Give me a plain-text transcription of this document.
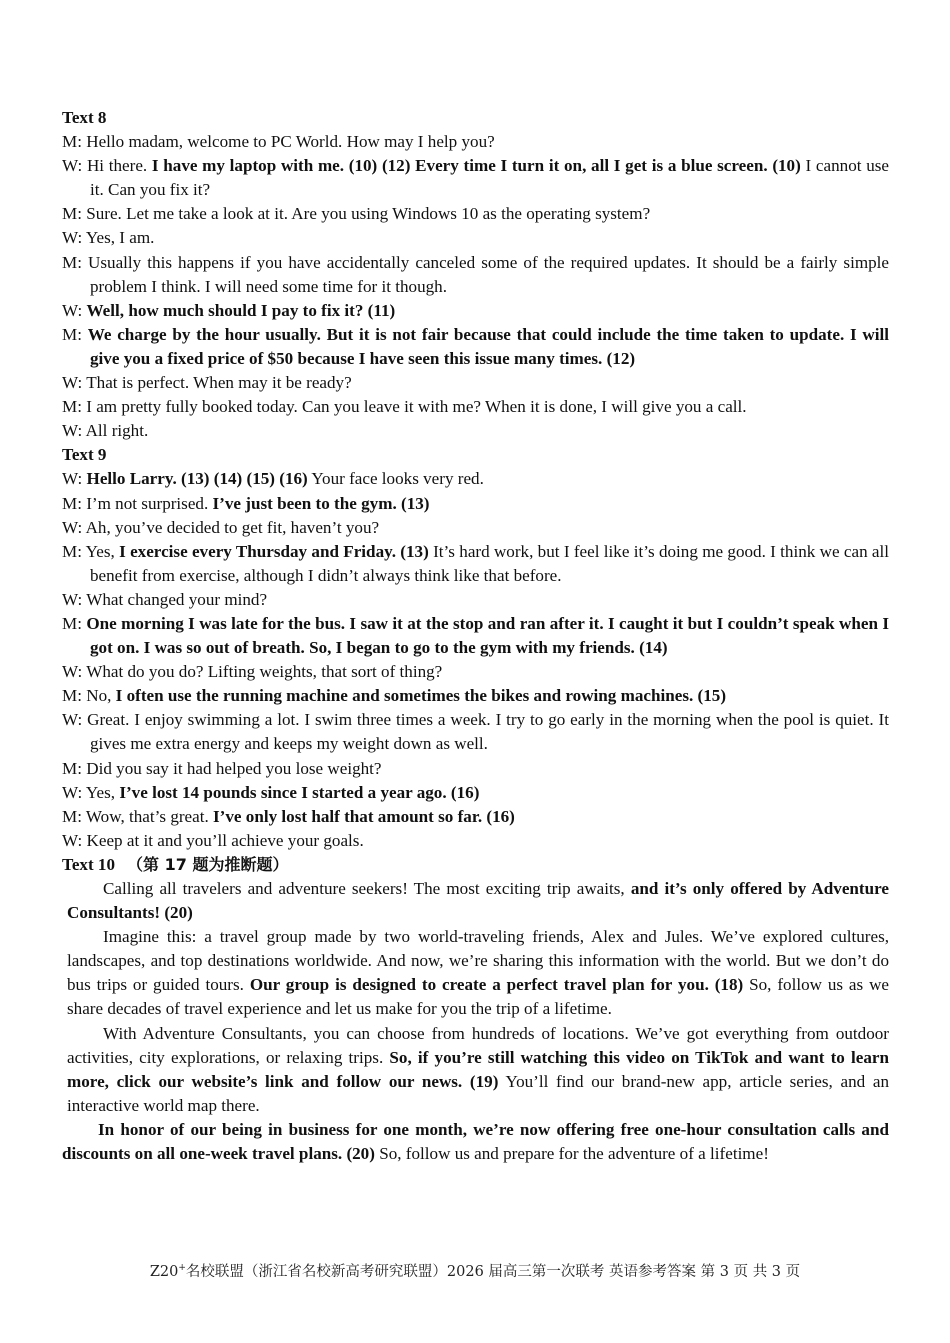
Text 8
M: Hello madam, welcome to PC World. How may I help you?
W: Hi there. I have my laptop with me. (10) (12) Every time I turn it on, all I get is a blue screen. (10) I cannot use it. Can you fix it?
M: Sure. Let me take a look at it. Are you using Windows 10 as the operating system?
W: Yes, I am.
M: Usually this happens if you have accidentally canceled some of the required updates. It should be a fairly simple problem I think. I will need some time for it though.
W: Well, how much should I pay to fix it? (11)
M: We charge by the hour usually. But it is not fair because that could include the time taken to update. I will give you a fixed price of $50 because I have seen this issue many times. (12)
W: That is perfect. When may it be ready?
M: I am pretty fully booked today. Can you leave it with me? When it is done, I will give you a call.
W: All right.
Text 9
W: Hello Larry. (13) (14) (15) (16) Your face looks very red.
M: I’m not surprised. I’ve just been to the gym. (13)
W: Ah, you’ve decided to get fit, haven’t you?
M: Yes, I exercise every Thursday and Friday. (13) It’s hard work, but I feel like it’s doing me good. I think we can all benefit from exercise, although I didn’t always think like that before.
W: What changed your mind?
M: One morning I was late for the bus. I saw it at the stop and ran after it. I caught it but I couldn’t speak when I got on. I was so out of breath. So, I began to go to the gym with my friends. (14)
W: What do you do? Lifting weights, that sort of thing?
M: No, I often use the running machine and sometimes the bikes and rowing machines. (15)
W: Great. I enjoy swimming a lot. I swim three times a week. I try to go early in the morning when the pool is quiet. It gives me extra energy and keeps my weight down as well.
M: Did you say it had helped you lose weight?
W: Yes, I’ve lost 14 pounds since I started a year ago. (16)
M: Wow, that’s great. I’ve only lost half that amount so far. (16)
W: Keep at it and you’ll achieve your goals.
Text 10 （第 17 题为推断题）
Calling all travelers and adventure seekers! The most exciting trip awaits, and it’s only offered by Adventure Consultants! (20)
Imagine this: a travel group made by two world-traveling friends, Alex and Jules. We’ve explored cultures, landscapes, and top destinations worldwide. And now, we’re sharing this information with the world. But we don’t do bus trips or guided tours. Our group is designed to create a perfect travel plan for you. (18) So, follow us as we share decades of travel experience and let us make for you the trip of a lifetime.
With Adventure Consultants, you can choose from hundreds of locations. We’ve got everything from outdoor activities, city explorations, or relaxing trips. So, if you’re still watching this video on TikTok and want to learn more, click our website’s link and follow our news. (19) You’ll find our brand-new app, article series, and an interactive world map there.
In honor of our being in business for one month, we’re now offering free one-hour consultation calls and discounts on all one-week travel plans. (20) So, follow us and prepare for the adventure of a lifetime!
Z20+名校联盟（浙江省名校新高考研究联盟）2026 届高三第一次联考 英语参考答案 第 3 页 共 3 页
